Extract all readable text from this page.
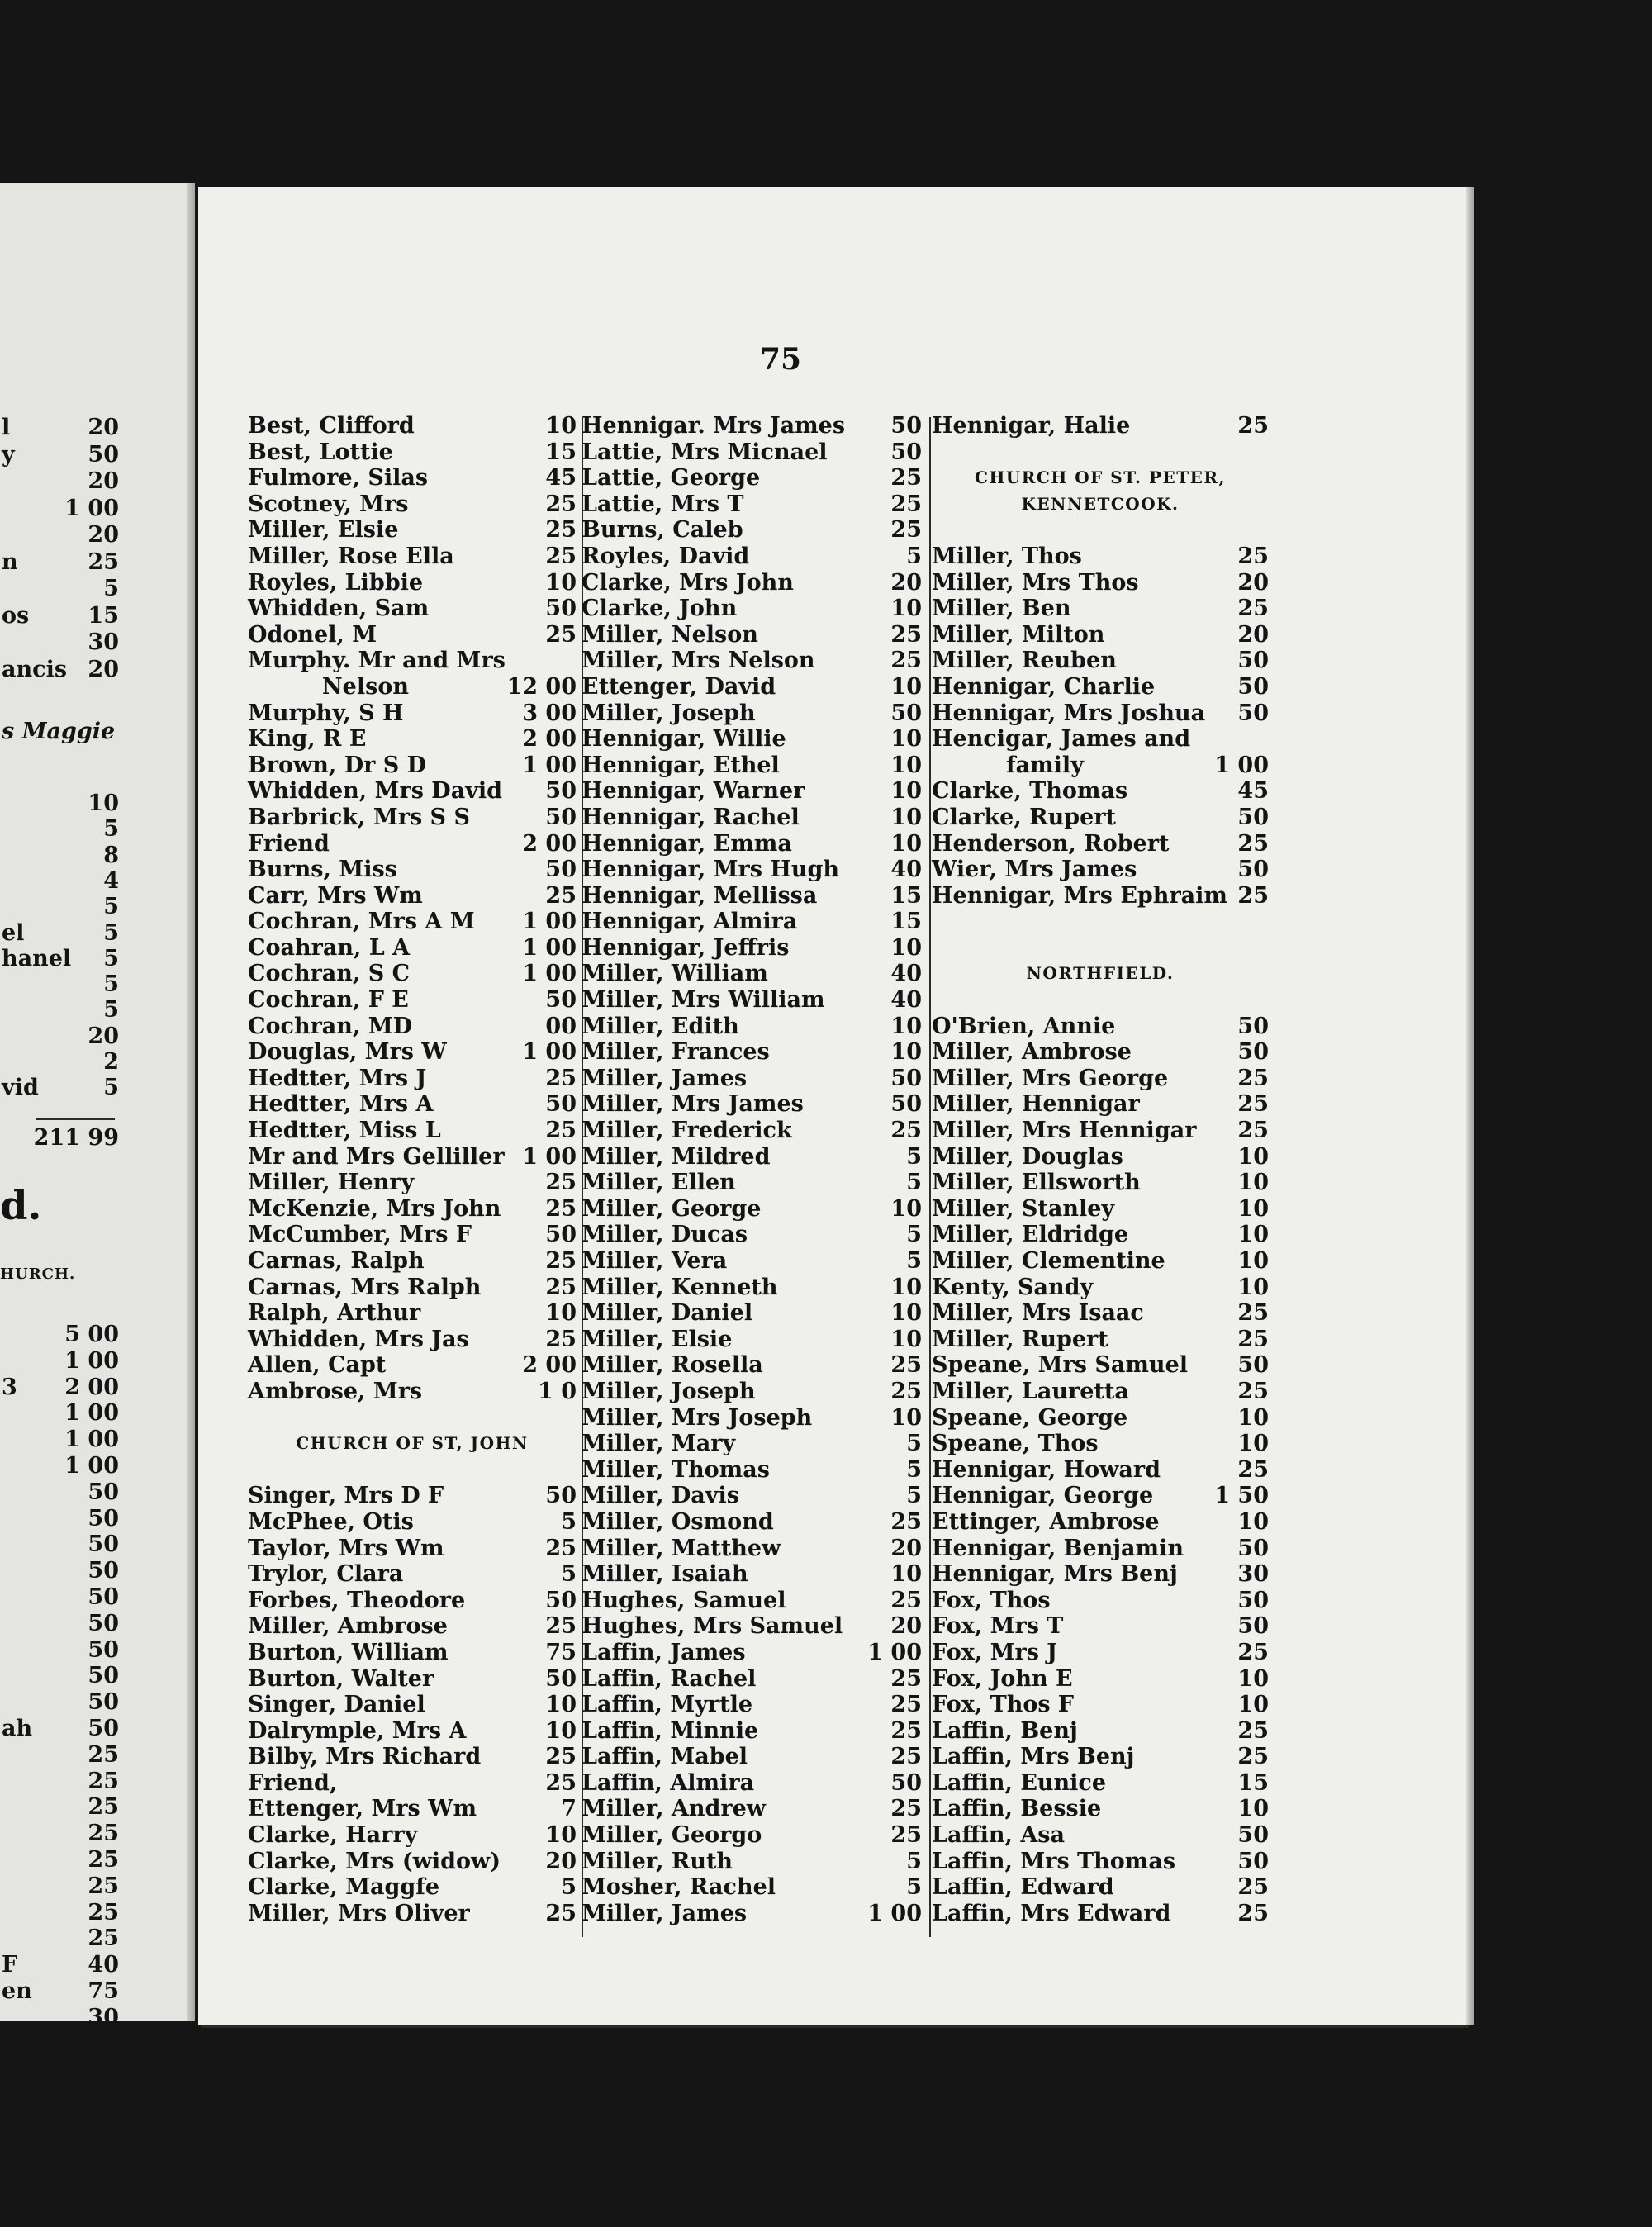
l	20
y	50
20
1 00
20
n	25
5
os	15
30
ancis 20
s Maggie
10
5
8
4
5
el	5
hanel 5
5
5
20
2
vid	5
211 99
d.
HURCH.
5 00
1 00
3 2 00
1 00
1 00
1 00
50
50
50
50
50
50
50
50
50
ah 50
25
25
25
25
25
25
25
25
F	40
en	75
30
75
Best, Clifford	10
Best, Lottie	15
Fulmore, Silas	45
Scotney, Mrs	25
Miller, Elsie	25
Miller, Rose Ella	25
Royles, Libbie	10
Whidden, Sam	50
Odonel, M	25
Murphy. Mr and Mrs
Nelson	12 00
Murphy, S H	3 00
King, R E	2 00
Brown, Dr S D	1 00
Whidden, Mrs David 50
Barbrick, Mrs S S	50
Friend	2 00
Burns, Miss	50
Carr, Mrs Wm	25
Cochran, Mrs A M 1 00
Coahran, L A	1 00
Cochran, S C	1 00
Cochran, F E	50
Cochran, MD	00
Douglas, Mrs W	1 00
Hedtter, Mrs J	25
Hedtter, Mrs A	50
Hedtter, Miss L	25
Mr and Mrs Gelliller 1 00
Miller, Henry	25
McKenzie, Mrs John 25
McCumber, Mrs F	50
Carnas, Ralph	25
Carnas, Mrs Ralph	25
Ralph, Arthur	10
Whidden, Mrs Jas	25
Allen, Capt	2 00
Ambrose, Mrs	1 0
CHURCH OF ST, JOHN
Singer, Mrs D F	50
McPhee, Otis	5
Taylor, Mrs Wm	25
Trylor, Clara	5
Forbes, Theodore	50
Miller, Ambrose	25
Burton, William	75
Burton, Walter	50
Singer, Daniel	10
Dalrymple, Mrs A	10
Bilby, Mrs Richard	25
Friend,	25
Ettenger, Mrs Wm	7
Clarke, Harry	10
Clarke, Mrs (widow) 20
Clarke, Maggfe	5
Miller, Mrs Oliver	25
Hennigar. Mrs James 50
Lattie, Mrs Micnael	50
Lattie, George	25
Lattie, Mrs T	25
Burns, Caleb	25
Royles, David	5
Clarke, Mrs John	20
Clarke, John	10
Miller, Nelson	25
Miller, Mrs Nelson	25
Ettenger, David	10
Miller, Joseph	50
Hennigar, Willie	10
Hennigar, Ethel	10
Hennigar, Warner	10
Hennigar, Rachel	10
Hennigar, Emma	10
Hennigar, Mrs Hugh 40
Hennigar, Mellissa	15
Hennigar, Almira	15
Hennigar, Jeffris	10
Miller, William	40
Miller, Mrs William	40
Miller, Edith	10
Miller, Frances	10
Miller, James	50
Miller, Mrs James	50
Miller, Frederick	25
Miller, Mildred	5
Miller, Ellen	5
Miller, George	10
Miller, Ducas	5
Miller, Vera	5
Miller, Kenneth	10
Miller, Daniel	10
Miller, Elsie	10
Miller, Rosella	25
Miller, Joseph	25
Miller, Mrs Joseph	10
Miller, Mary	5
Miller, Thomas	5
Miller, Davis	5
Miller, Osmond	25
Miller, Matthew	20
Miller, Isaiah	10
Hughes, Samuel	25
Hughes, Mrs Samuel 20
Laffin, James	1 00
Laffin, Rachel	25
Laffin, Myrtle	25
Laffin, Minnie	25
Laffin, Mabel	25
Laffin, Almira	50
Miller, Andrew	25
Miller, Georgo	25
Miller, Ruth	5
Mosher, Rachel	5
Miller, James	1 00
Hennigar, Halie	25
CHURCH OF ST. PETER,
KENNETCOOK.
Miller, Thos	25
Miller, Mrs Thos	20
Miller, Ben	25
Miller, Milton	20
Miller, Reuben	50
Hennigar, Charlie	50
Hennigar, Mrs Joshua 50
Hencigar, James and
family	1 00
Clarke, Thomas	45
Clarke, Rupert	50
Henderson, Robert	25
Wier, Mrs James	50
Hennigar, Mrs Ephraim 25
NORTHFIELD.
O'Brien, Annie	50
Miller, Ambrose	50
Miller, Mrs George	25
Miller, Hennigar	25
Miller, Mrs Hennigar 25
Miller, Douglas	10
Miller, Ellsworth	10
Miller, Stanley	10
Miller, Eldridge	10
Miller, Clementine	10
Kenty, Sandy	10
Miller, Mrs Isaac	25
Miller, Rupert	25
Speane, Mrs Samuel 50
Miller, Lauretta	25
Speane, George	10
Speane, Thos	10
Hennigar, Howard	25
Hennigar, George	1 50
Ettinger, Ambrose	10
Hennigar, Benjamin 50
Hennigar, Mrs Benj	30
Fox, Thos	50
Fox, Mrs T	50
Fox, Mrs J	25
Fox, John E	10
Fox, Thos F	10
Laffin, Benj	25
Laffin, Mrs Benj	25
Laffin, Eunice	15
Laffin, Bessie	10
Laffin, Asa	50
Laffin, Mrs Thomas	50
Laffin, Edward	25
Laffin, Mrs Edward	25
